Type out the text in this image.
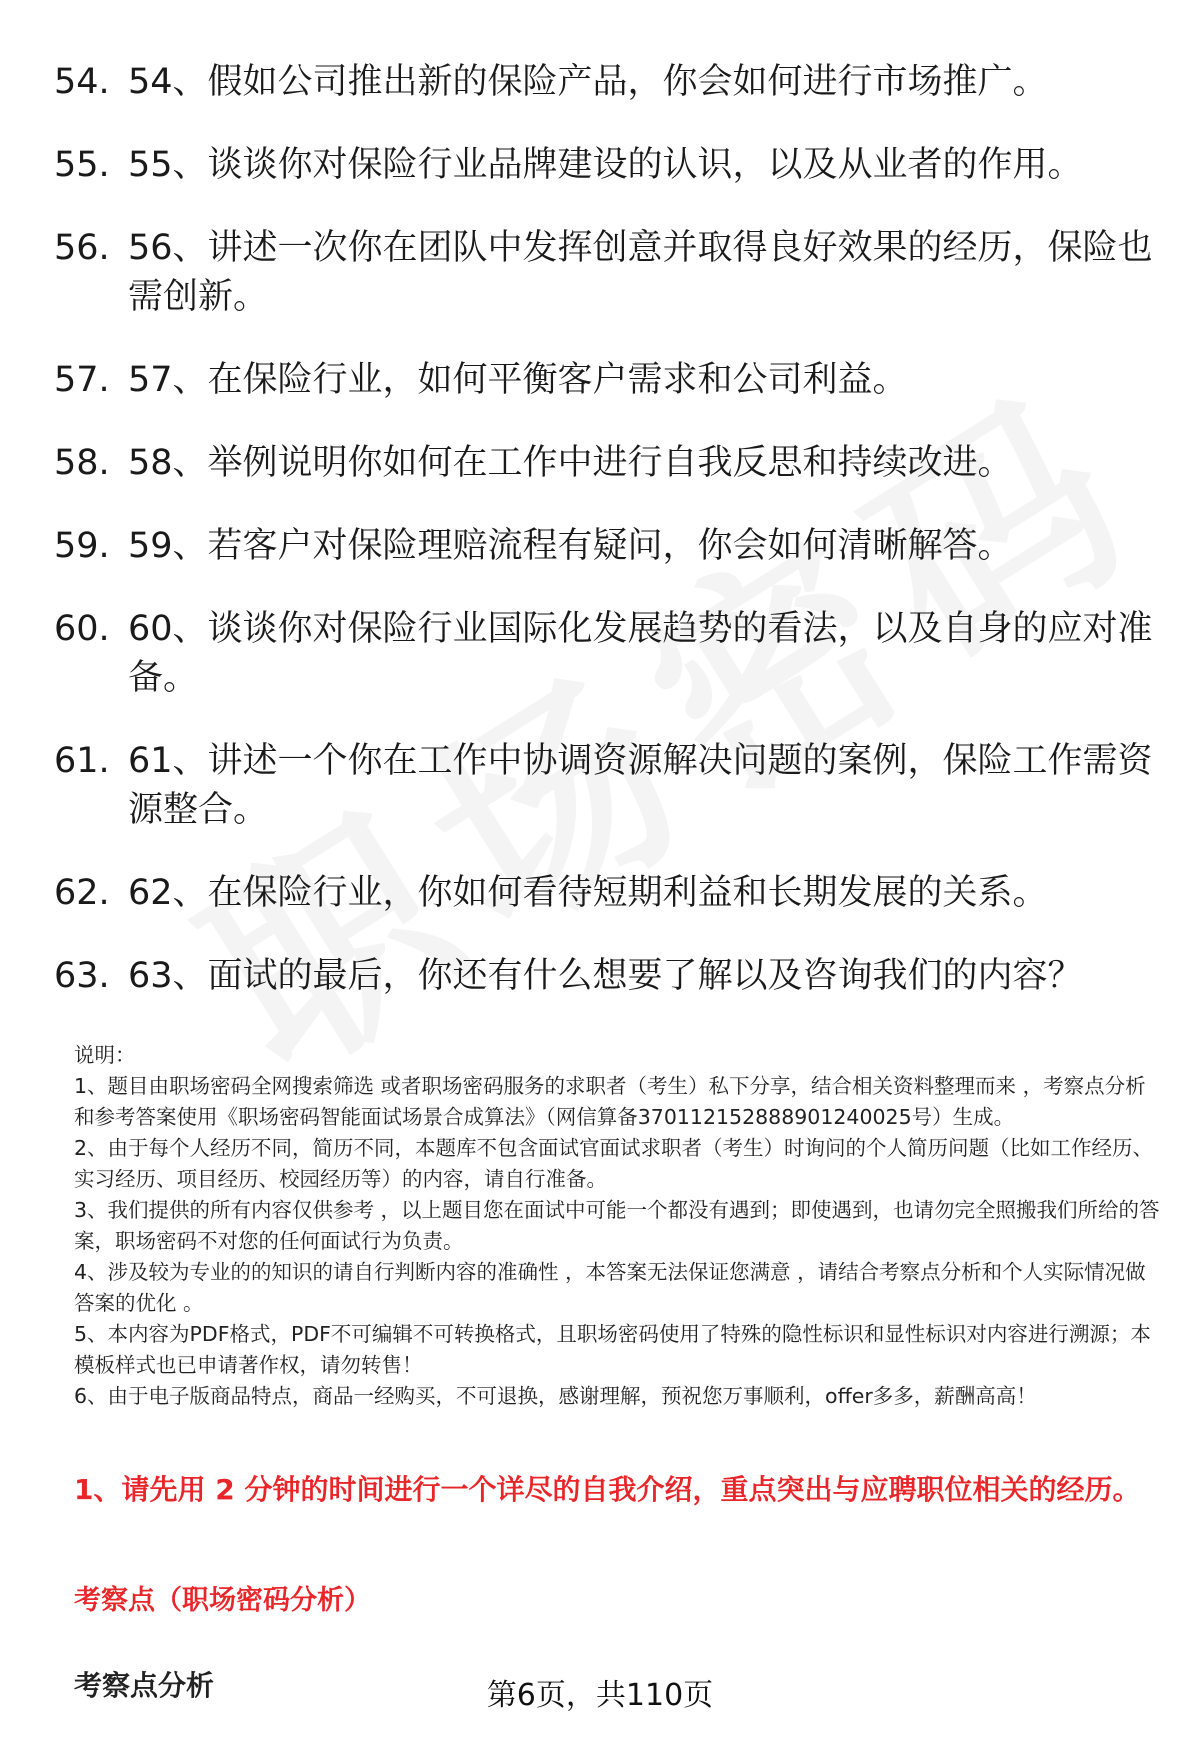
54. 54、假如公司推出新的保险产品，你会如何进行市场推广。
55. 55、谈谈你对保险行业品牌建设的认识，以及从业者的作用。
56. 56、讲述一次你在团队中发挥创意并取得良好效果的经历，保险也需创新。
57. 57、在保险行业，如何平衡客户需求和公司利益。
58. 58、举例说明你如何在工作中进行自我反思和持续改进。
59. 59、若客户对保险理赔流程有疑问，你会如何清晰解答。
60. 60、谈谈你对保险行业国际化发展趋势的看法，以及自身的应对准备。
61. 61、讲述一个你在工作中协调资源解决问题的案例，保险工作需资源整合。
62. 62、在保险行业，你如何看待短期利益和长期发展的关系。
63. 63、面试的最后，你还有什么想要了解以及咨询我们的内容？

说明：

1、题目由职场密码全网搜索筛选 或者职场密码服务的求职者（考生）私下分享，结合相关资料整理而来 ，考察点分析和参考答案使用《职场密码智能面试场景合成算法》（网信算备370112152888901240025号）生成。

2、由于每个人经历不同，简历不同，本题库不包含面试官面试求职者（考生）时询问的个人简历问题（比如工作经历、实习经历、项目经历、校园经历等）的内容，请自行准备。

3、我们提供的所有内容仅供参考 ，以上题目您在面试中可能一个都没有遇到；即使遇到，也请勿完全照搬我们所给的答案，职场密码不对您的任何面试行为负责。

4、涉及较为专业的的知识的请自行判断内容的准确性 ，本答案无法保证您满意 ，请结合考察点分析和个人实际情况做答案的优化 。

5、本内容为PDF格式，PDF不可编辑不可转换格式，且职场密码使用了特殊的隐性标识和显性标识对内容进行溯源；本模板样式也已申请著作权，请勿转售！

6、由于电子版商品特点，商品一经购买，不可退换，感谢理解，预祝您万事顺利，offer多多，薪酬高高！

1、请先用 2 分钟的时间进行一个详尽的自我介绍，重点突出与应聘职位相关的经历。
考察点（职场密码分析）
考察点分析	第6页，共110页
